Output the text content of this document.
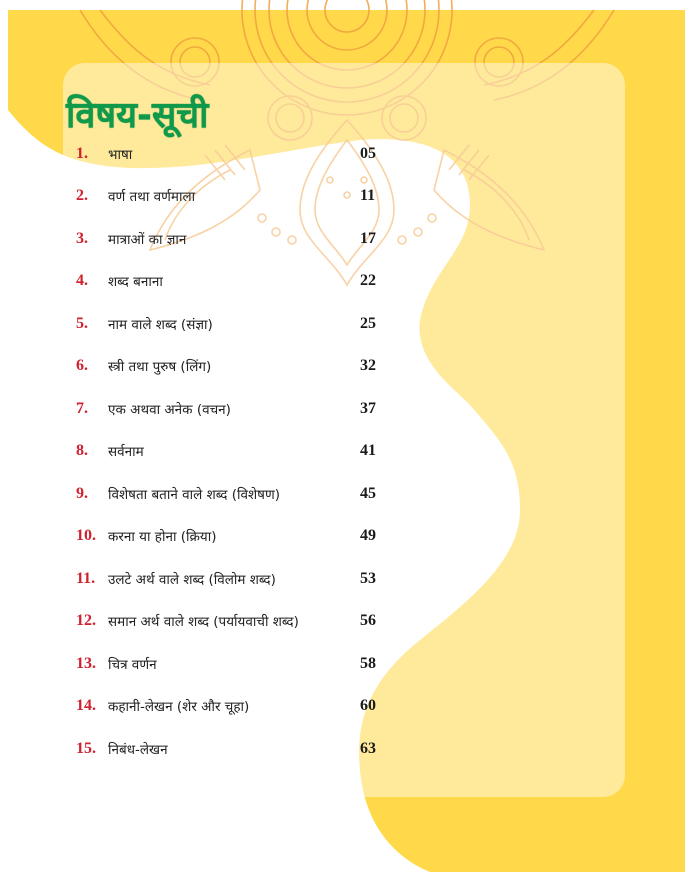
विषय-सूची
1. भाषा	05
2. वर्ण तथा वर्णमाला	11
3. मात्राओं का ज्ञान	17
4. शब्द बनाना	22
5. नाम वाले शब्द (संज्ञा)	25
6. स्त्री तथा पुरुष (लिंग)	32
7. एक अथवा अनेक (वचन)	37
8. सर्वनाम	41
9. विशेषता बताने वाले शब्द (विशेषण)	45
10. करना या होना (क्रिया)	49
11. उलटे अर्थ वाले शब्द (विलोम शब्द)	53
12. समान अर्थ वाले शब्द (पर्यायवाची शब्द)	56
13. चित्र वर्णन	58
14. कहानी-लेखन (शेर और चूहा)	60
15. निबंध-लेखन	63
